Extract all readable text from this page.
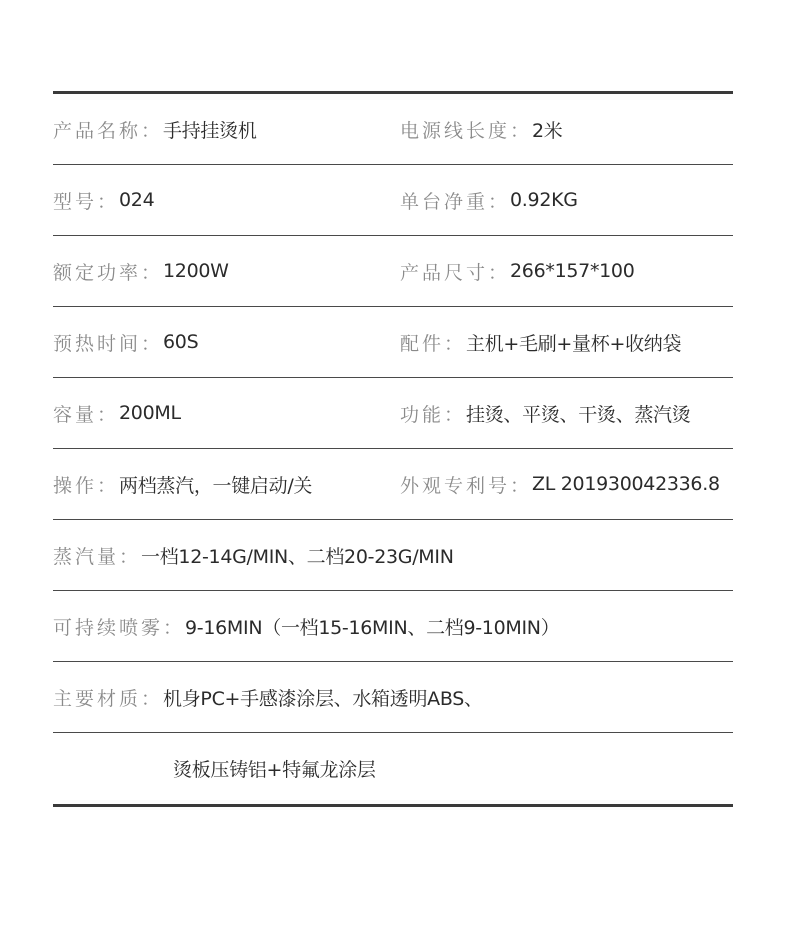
产品名称： 手持挂烫机	电源线长度： 2米
型号： 024	单台净重： 0.92KG
额定功率： 1200W	产品尺寸： 266*157*100
预热时间： 60S	配件： 主机+毛刷+量杯+收纳袋
容量： 200ML	功能： 挂烫、平烫、干烫、蒸汽烫
操作： 两档蒸汽，一键启动/关	外观专利号： ZL 201930042336.8
蒸汽量： 一档12-14G/MIN、二档20-23G/MIN
可持续喷雾： 9-16MIN（一档15-16MIN、二档9-10MIN）
主要材质： 机身PC+手感漆涂层、水箱透明ABS、
烫板压铸铝+特氟龙涂层
